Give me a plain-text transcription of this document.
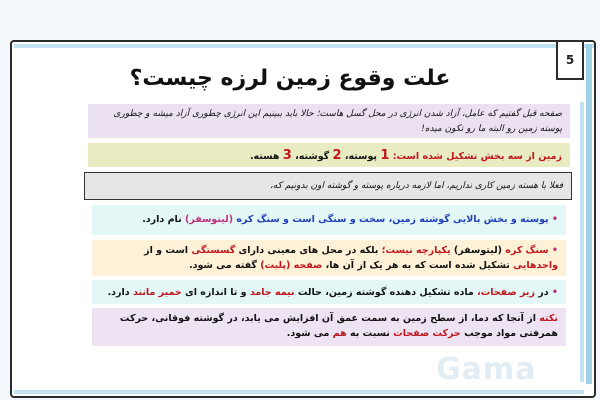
5
علت وقوع زمین لرزه چیست؟
صفحه قبل گفتیم که عامل، آزاد شدن انرژی در محل گسل هاست؛ حالا باید ببینیم این انرژی چطوری آزاد میشه و چطوری پوسته زمین رو البته ما رو تکون میده!
زمین از سه بخش تشکیل شده است: 1 پوسته، 2 گوشته، 3 هسته.
فعلا با هسته زمین کاری نداریم، اما لازمه درباره پوسته و گوشته اون بدونیم که،
• پوسته و بخش بالایی گوشته زمین، سخت و سنگی است و سنگ کره (لیتوسفر) نام دارد.
• سنگ کره (لیتوسفر) یکپارچه نیست؛ بلکه در محل های معینی دارای گسستگی است و از واحدهایی تشکیل شده است که به هر یک از آن ها، صفحه (پلیت) گفته می شود.
• در زیر صفحات، ماده تشکیل دهنده گوشته زمین، حالت نیمه جامد و تا اندازه ای خمیر مانند دارد.
نکته از آنجا که دما، از سطح زمین به سمت عمق آن افزایش می یابد، در گوشته فوقانی، حرکت همرفتی مواد موجب حرکت صفحات نسبت به هم می شود.
Gama
